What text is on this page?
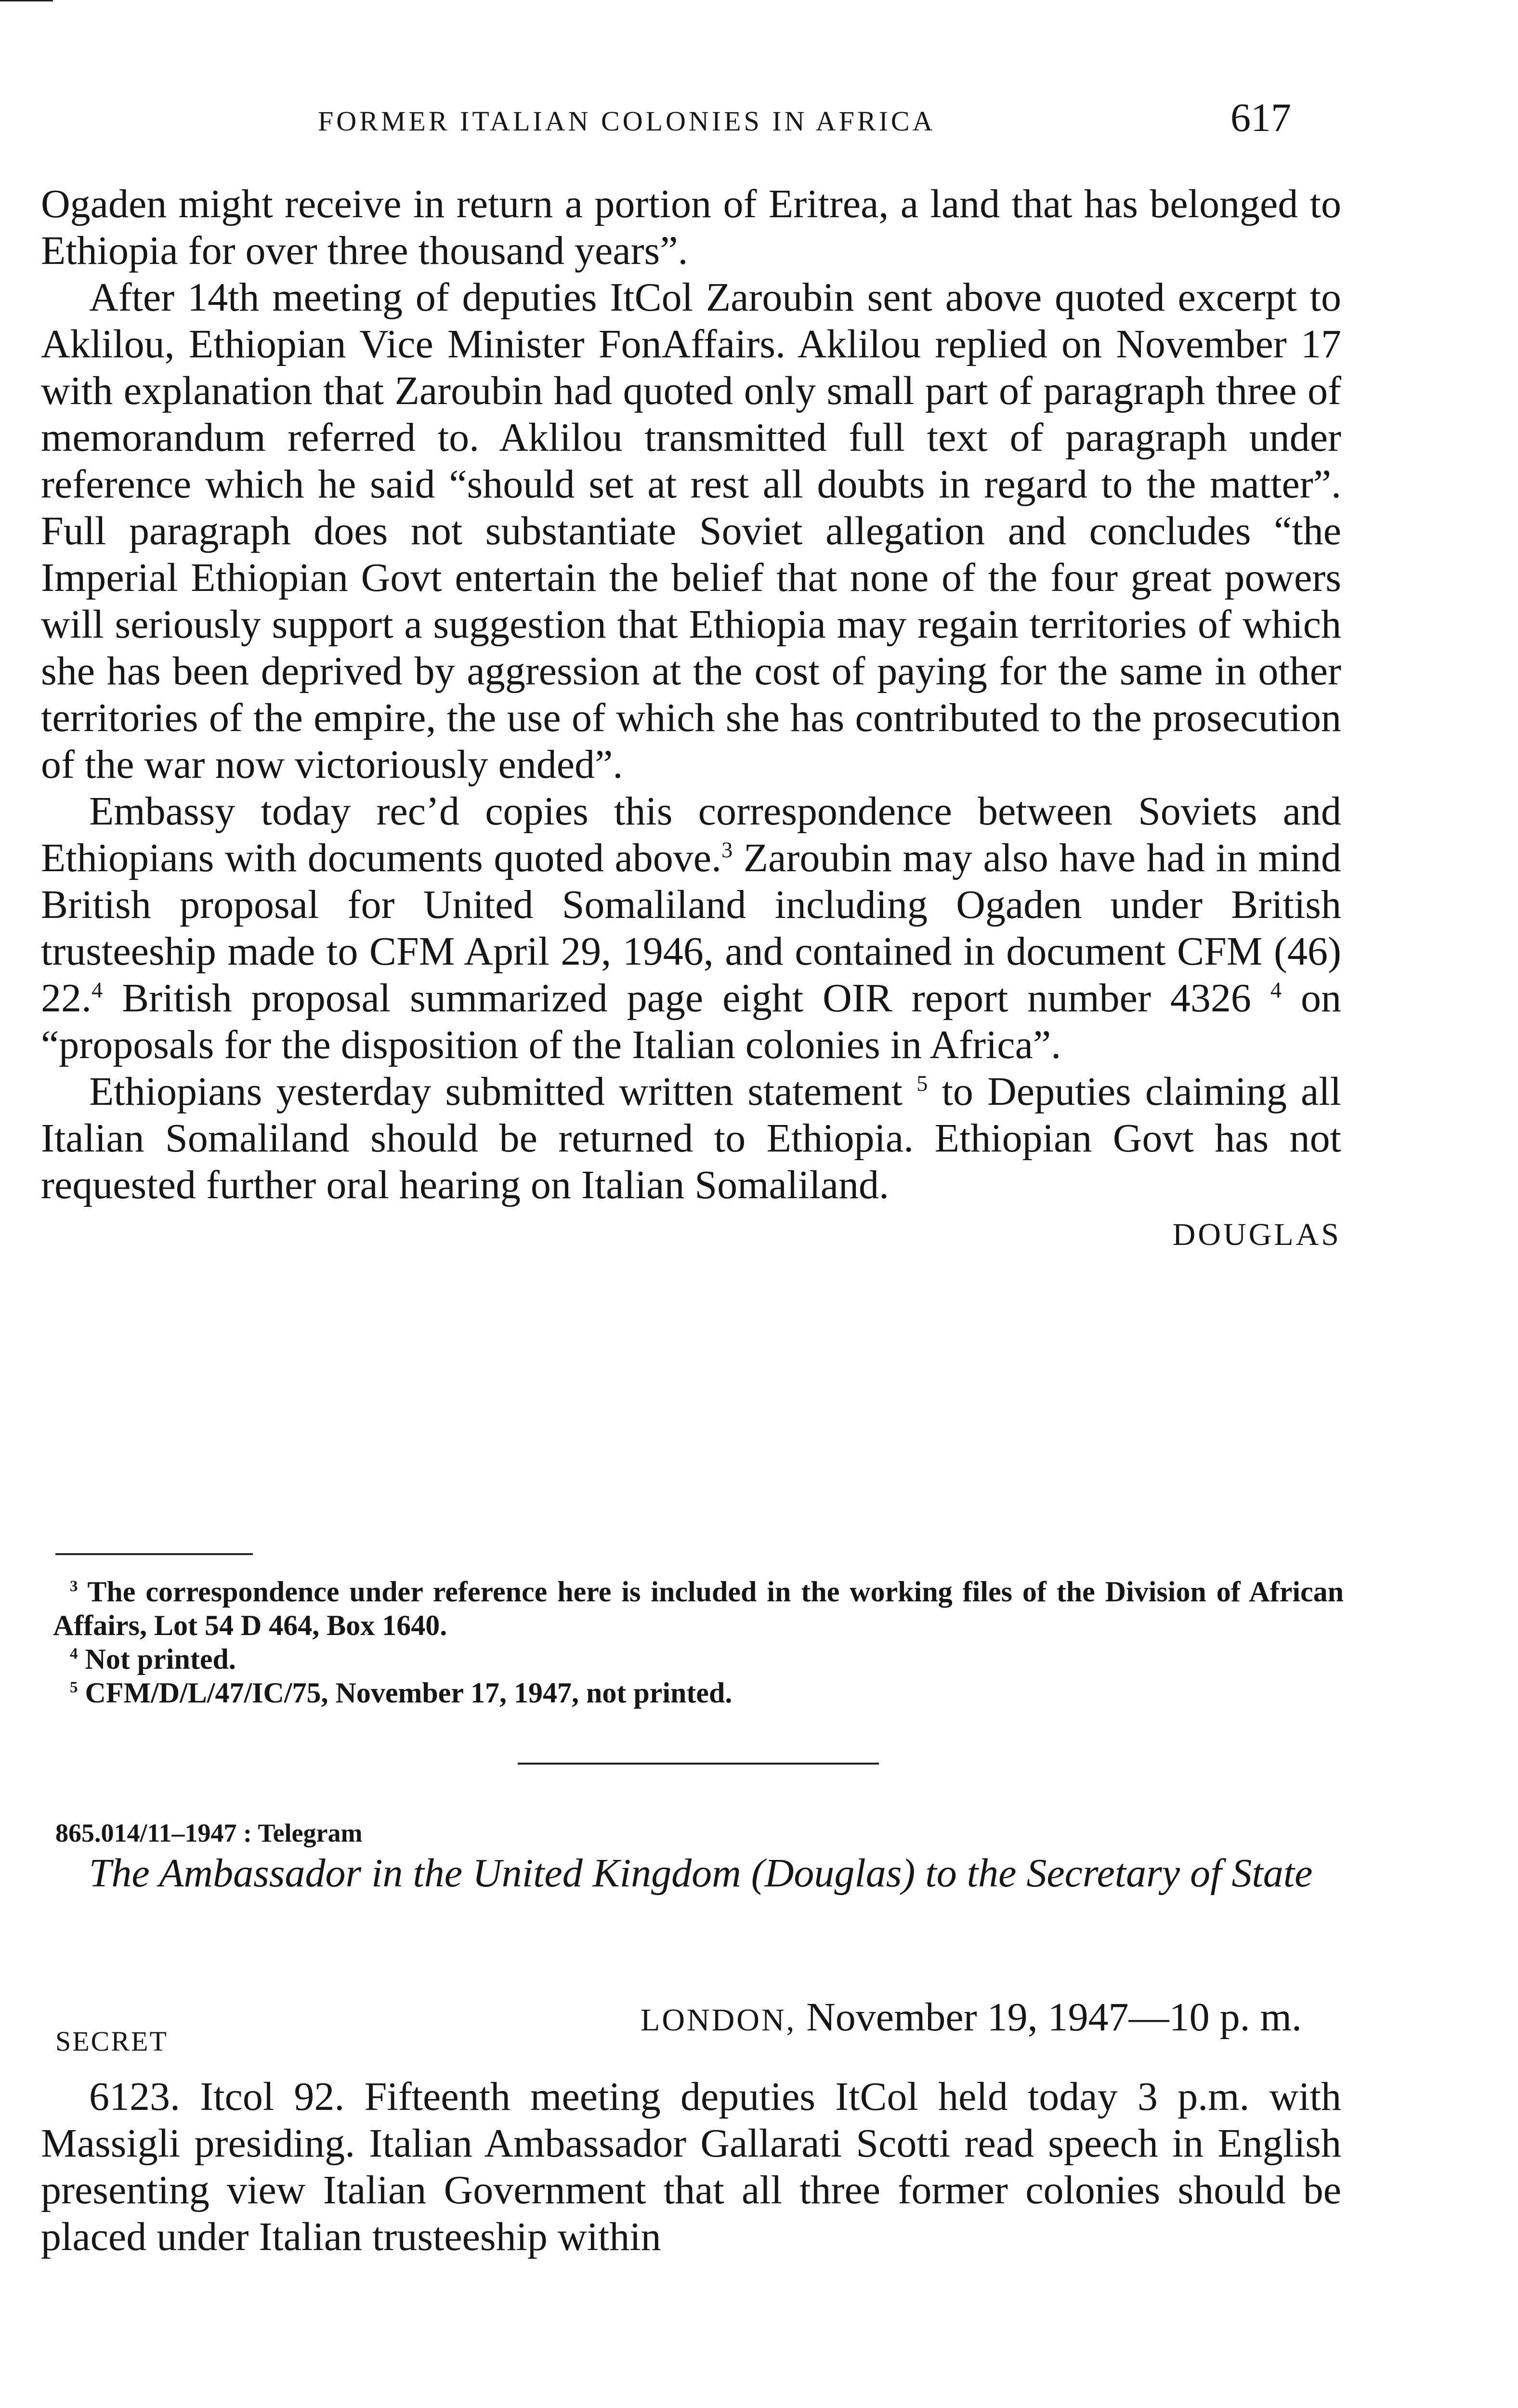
FORMER ITALIAN COLONIES IN AFRICA	617

Ogaden might receive in return a portion of Eritrea, a land that has belonged to Ethiopia for over three thousand years”.

After 14th meeting of deputies ItCol Zaroubin sent above quoted excerpt to Aklilou, Ethiopian Vice Minister FonAffairs. Aklilou replied on November 17 with explanation that Zaroubin had quoted only small part of paragraph three of memorandum referred to. Aklilou transmitted full text of paragraph under reference which he said “should set at rest all doubts in regard to the matter”. Full paragraph does not substantiate Soviet allegation and concludes “the Imperial Ethiopian Govt entertain the belief that none of the four great powers will seriously support a suggestion that Ethiopia may regain territories of which she has been deprived by aggression at the cost of paying for the same in other territories of the empire, the use of which she has contributed to the prosecution of the war now victoriously ended”.

Embassy today rec’d copies this correspondence between Soviets and Ethiopians with documents quoted above.$^3$ Zaroubin may also have had in mind British proposal for United Somaliland including Ogaden under British trusteeship made to CFM April 29, 1946, and contained in document CFM (46) 22.$^4$ British proposal summarized page eight OIR report number 4326 $^4$ on “proposals for the disposition of the Italian colonies in Africa”.

Ethiopians yesterday submitted written statement $^5$ to Deputies claiming all Italian Somaliland should be returned to Ethiopia. Ethiopian Govt has not requested further oral hearing on Italian Somaliland.

DOUGLAS

$^3$ The correspondence under reference here is included in the working files of the Division of African Affairs, Lot 54 D 464, Box 1640.

$^4$ Not printed.

$^5$ CFM/D/L/47/IC/75, November 17, 1947, not printed.

865.014/11–1947 : Telegram
The Ambassador in the United Kingdom (Douglas) to the Secretary of State
SECRET
LONDON, November 19, 1947—10 p. m.

6123. Itcol 92. Fifteenth meeting deputies ItCol held today 3 p.m. with Massigli presiding. Italian Ambassador Gallarati Scotti read speech in English presenting view Italian Government that all three former colonies should be placed under Italian trusteeship within
